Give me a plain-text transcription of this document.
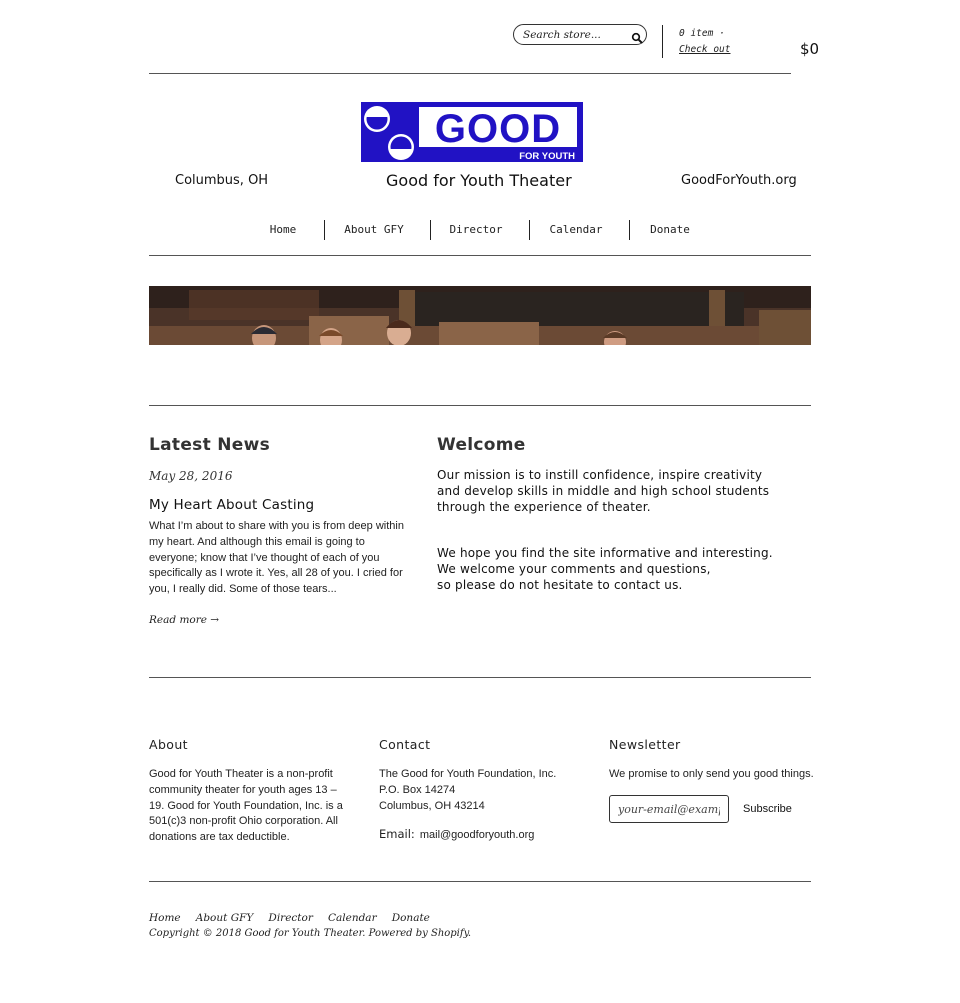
Search store...
0 item · Check out	$0
GOOD
FOR YOUTH
Columbus, OH	Good for Youth Theater	GoodForYouth.org
Home	About GFY	Director	Calendar	Donate
Latest News
May 28, 2016
My Heart About Casting
What I’m about to share with you is from deep within my heart. And although this email is going to everyone; know that I’ve thought of each of you specifically as I wrote it. Yes, all 28 of you. I cried for you, I really did. Some of those tears...
Read more →
Welcome
Our mission is to instill confidence, inspire creativity and develop skills in middle and high school students through the experience of theater.
We hope you find the site informative and interesting.
We welcome your comments and questions,
so please do not hesitate to contact us.
About
Good for Youth Theater is a non-profit community theater for youth ages 13 – 19. Good for Youth Foundation, Inc. is a 501(c)3 non-profit Ohio corporation. All donations are tax deductible.
Contact
The Good for Youth Foundation, Inc.
P.O. Box 14274
Columbus, OH 43214
Email: mail@goodforyouth.org
Newsletter
We promise to only send you good things.
your-email@example.com
Subscribe
Home About GFY Director Calendar Donate
Copyright © 2018 Good for Youth Theater. Powered by Shopify.
